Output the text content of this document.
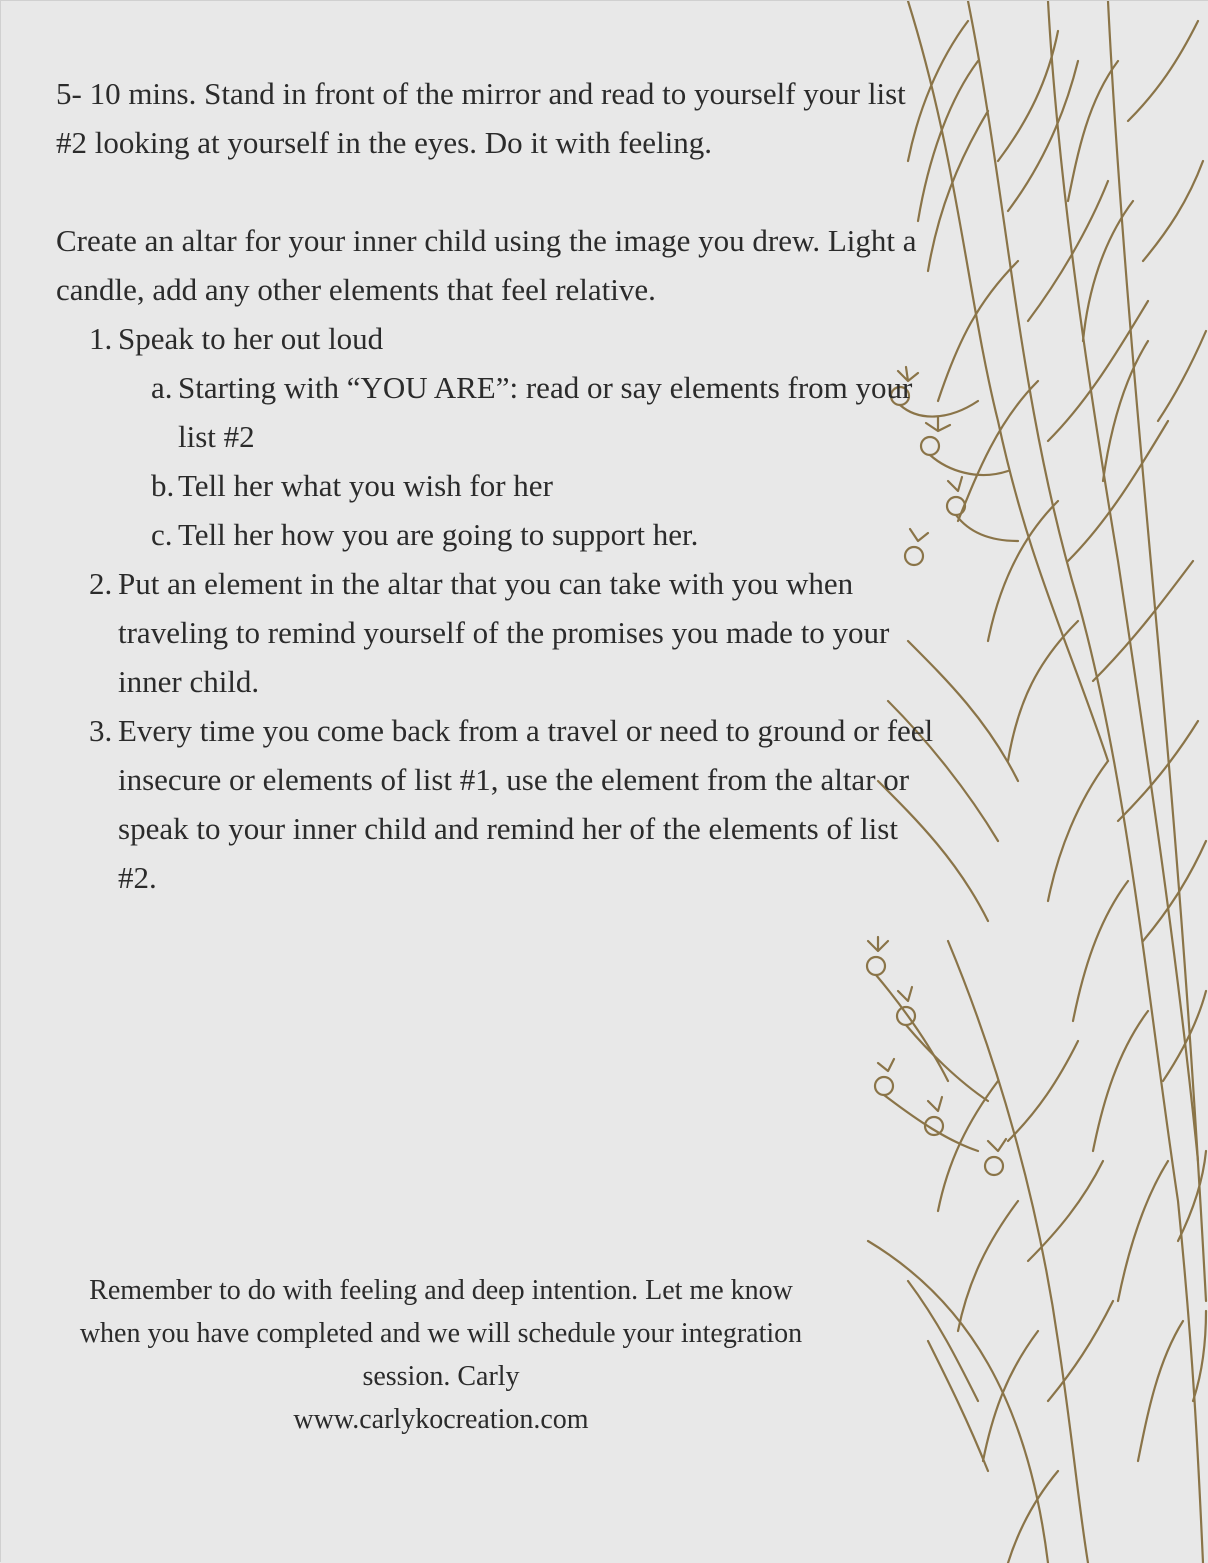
5- 10 mins. Stand in front of the mirror and read to yourself your list #2 looking at yourself in the eyes. Do it with feeling.

Create an altar for your inner child using the image you drew. Light a candle, add any other elements that feel relative.

1. Speak to her out loud
a. Starting with “YOU ARE”: read or say elements from your list #2
b. Tell her what you wish for her
c. Tell her how you are going to support her.
2. Put an element in the altar that you can take with you when traveling to remind yourself of the promises you made to your inner child.
3. Every time you come back from a travel or need to ground or feel insecure or elements of list #1, use the element from the altar or speak to your inner child and remind her of the elements of list #2.
Remember to do with feeling and deep intention. Let me know when you have completed and we will schedule your integration session. Carly
www.carlykocreation.com
